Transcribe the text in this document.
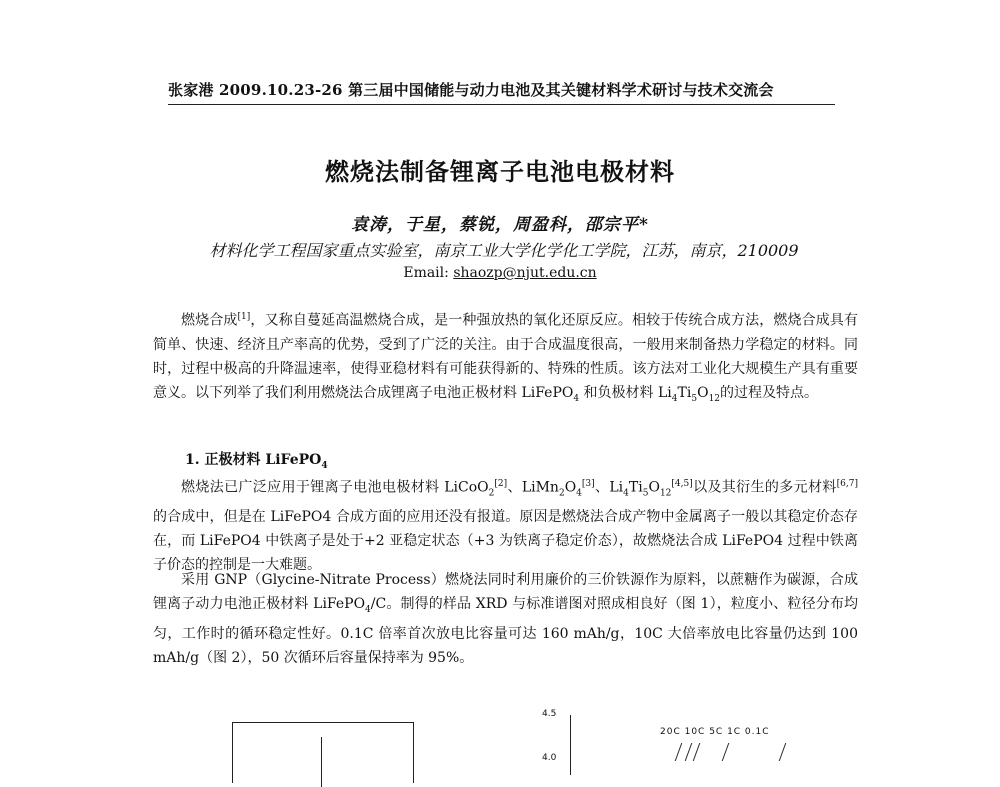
张家港 2009.10.23-26 第三届中国储能与动力电池及其关键材料学术研讨与技术交流会
燃烧法制备锂离子电池电极材料
袁涛，于星，蔡锐，周盈科，邵宗平*
材料化学工程国家重点实验室，南京工业大学化学化工学院，江苏，南京，210009
Email: shaozp@njut.edu.cn
燃烧合成[1]，又称自蔓延高温燃烧合成，是一种强放热的氧化还原反应。相较于传统合成方法，燃烧合成具有简单、快速、经济且产率高的优势，受到了广泛的关注。由于合成温度很高，一般用来制备热力学稳定的材料。同时，过程中极高的升降温速率，使得亚稳材料有可能获得新的、特殊的性质。该方法对工业化大规模生产具有重要意义。以下列举了我们利用燃烧法合成锂离子电池正极材料 LiFePO$_4$ 和负极材料 $Li_4Ti_5O_{12}$的过程及特点。
1. 正极材料 LiFePO$_4$
燃烧法已广泛应用于锂离子电池电极材料 LiCoO$_2$[2]、$LiMn_2O_4[3]$、$Li_4Ti_5O_{12}[4,5]$以及其衍生的多元材料[6,7]的合成中，但是在 LiFePO4 合成方面的应用还没有报道。原因是燃烧法合成产物中金属离子一般以其稳定价态存在，而 LiFePO4 中铁离子是处于+2 亚稳定状态（+3 为铁离子稳定价态），故燃烧法合成 LiFePO4 过程中铁离子价态的控制是一大难题。
采用 GNP（Glycine-Nitrate Process）燃烧法同时利用廉价的三价铁源作为原料，以蔗糖作为碳源，合成锂离子动力电池正极材料 LiFePO$_4$/C。制得的样品 XRD 与标准谱图对照成相良好（图 1），粒度小、粒径分布均匀，工作时的循环稳定性好。0.1C 倍率首次放电比容量可达 160 mAh/g，10C 大倍率放电比容量仍达到 100 mAh/g（图 2），50 次循环后容量保持率为 95%。
4.5
4.0
20C 10C 5C 1C 0.1C
